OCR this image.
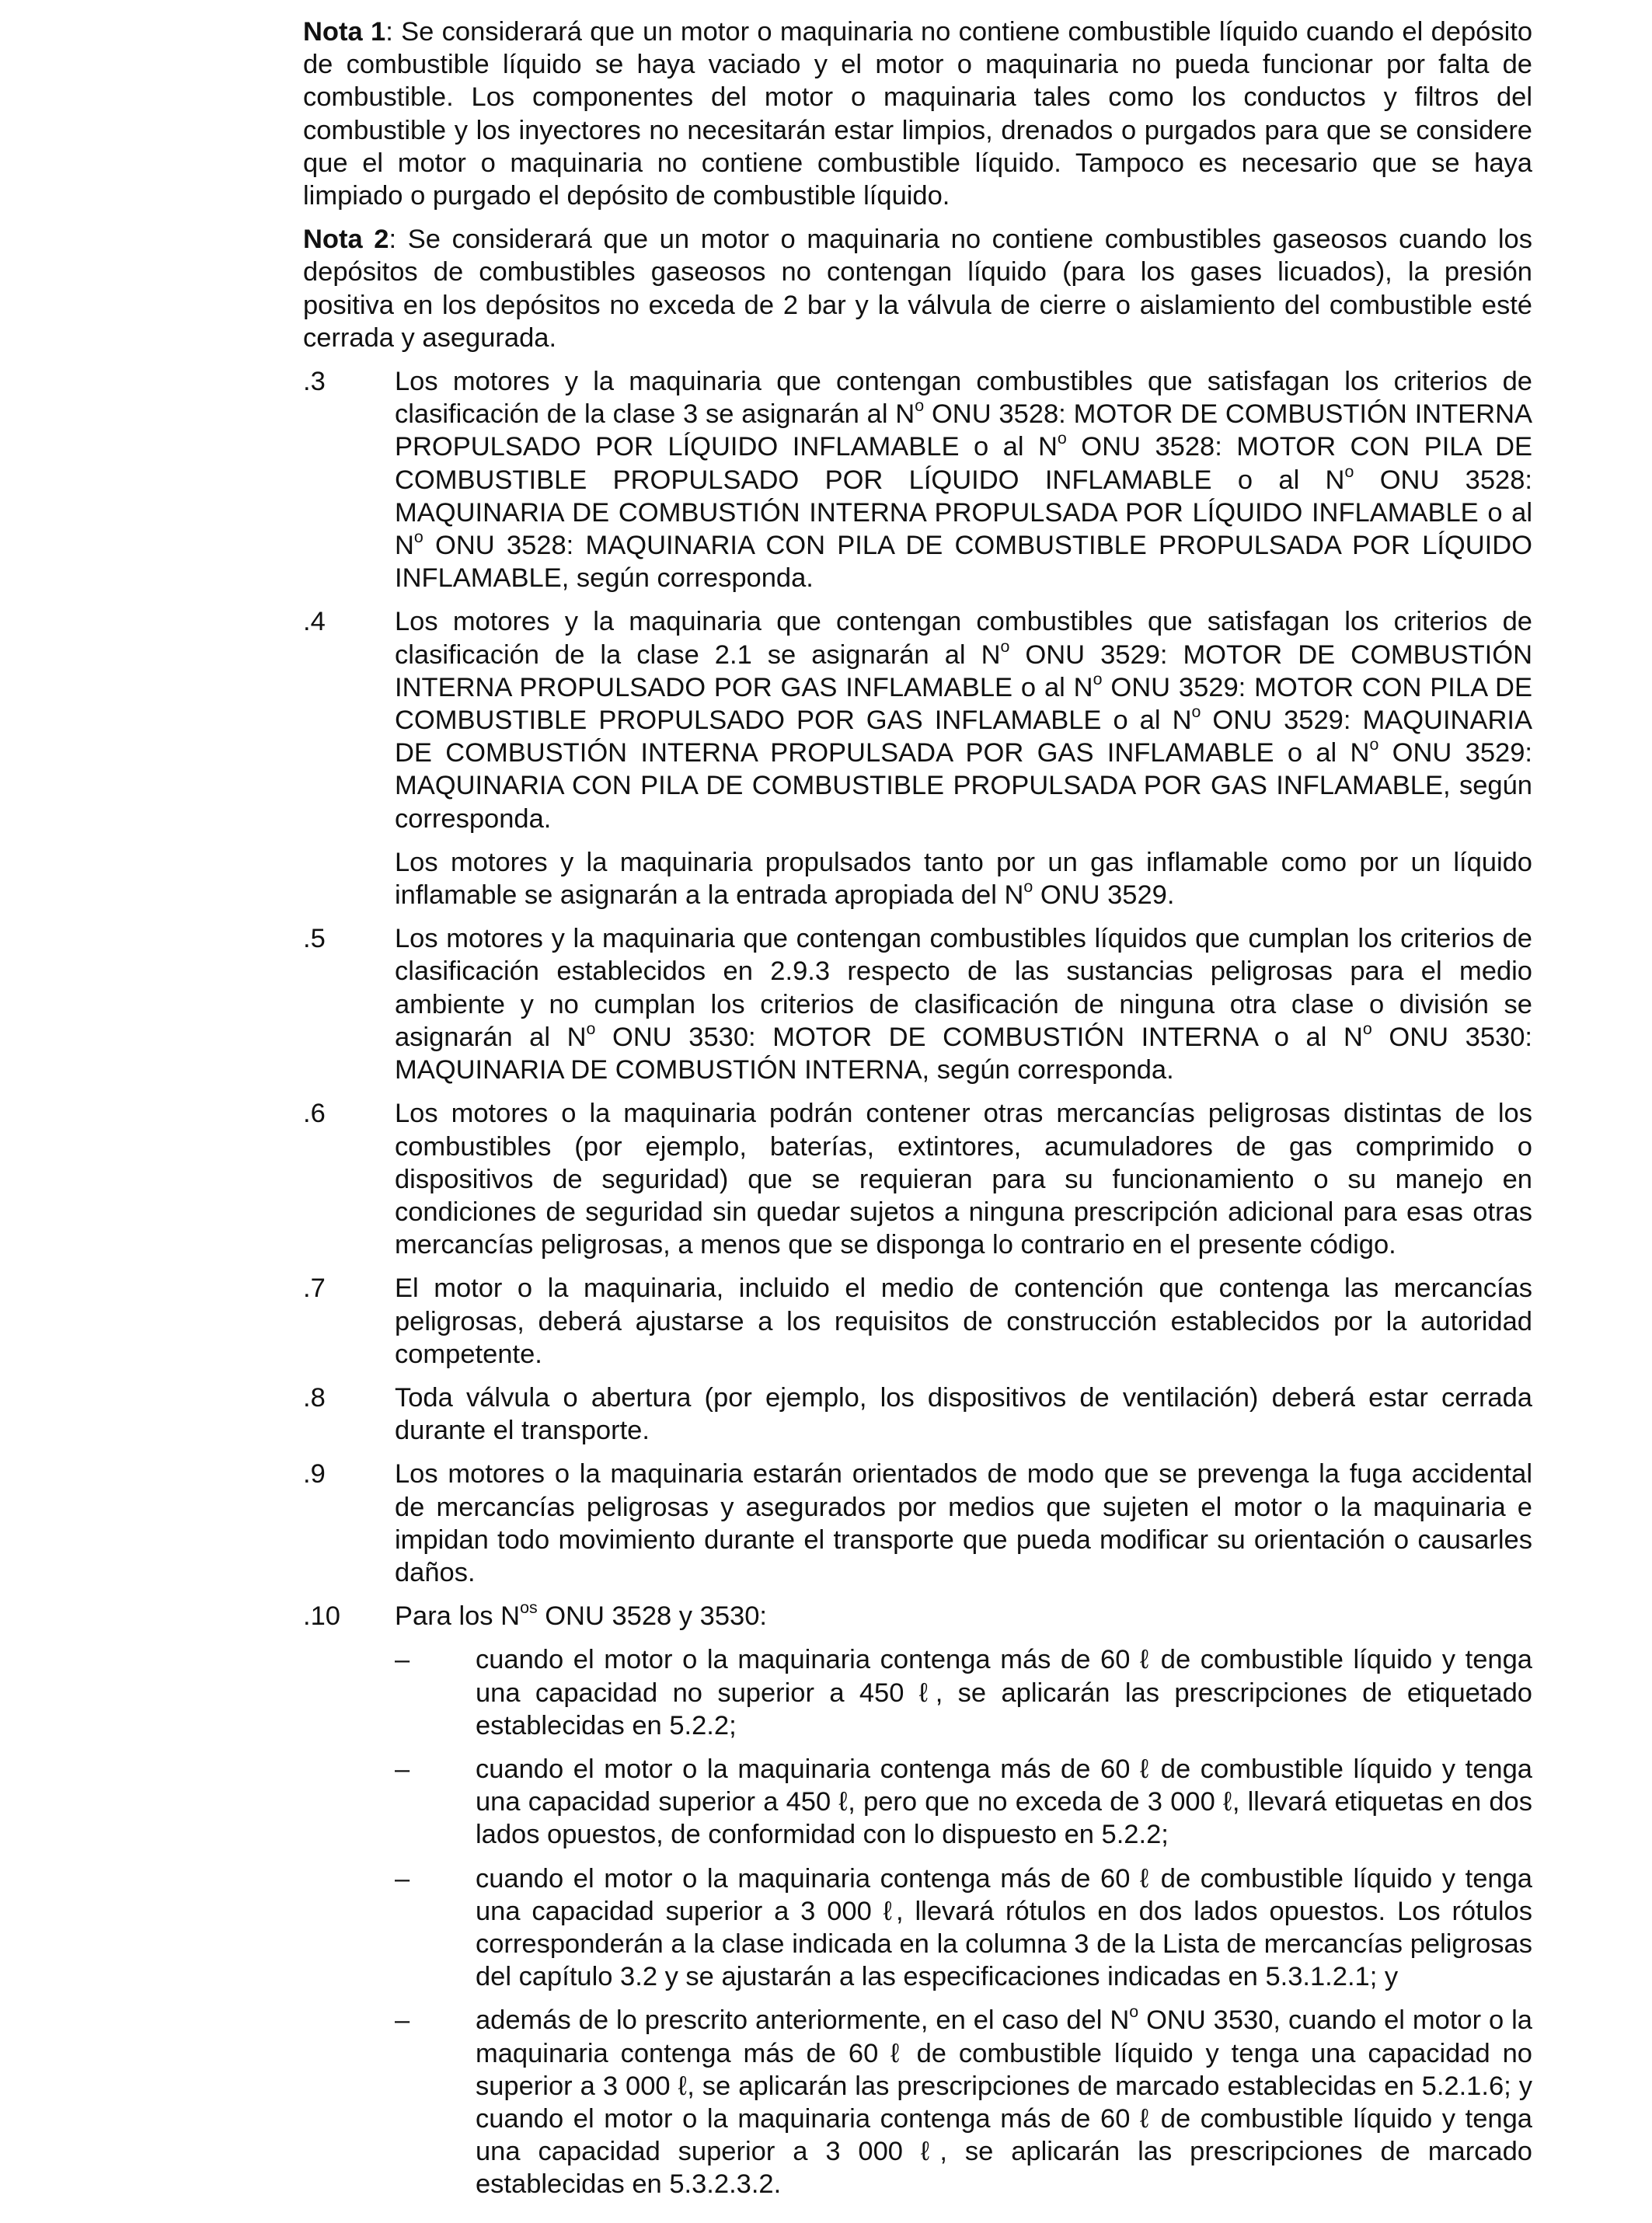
Nota 1: Se considerará que un motor o maquinaria no contiene combustible líquido cuando el depósito de combustible líquido se haya vaciado y el motor o maquinaria no pueda funcionar por falta de combustible. Los componentes del motor o maquinaria tales como los conductos y filtros del combustible y los inyectores no necesitarán estar limpios, drenados o purgados para que se considere que el motor o maquinaria no contiene combustible líquido. Tampoco es necesario que se haya limpiado o purgado el depósito de combustible líquido.

Nota 2: Se considerará que un motor o maquinaria no contiene combustibles gaseosos cuando los depósitos de combustibles gaseosos no contengan líquido (para los gases licuados), la presión positiva en los depósitos no exceda de 2 bar y la válvula de cierre o aislamiento del combustible esté cerrada y asegurada.

.3	Los motores y la maquinaria que contengan combustibles que satisfagan los criterios de clasificación de la clase 3 se asignarán al $N^o$ ONU 3528: MOTOR DE COMBUSTIÓN INTERNA PROPULSADO POR LÍQUIDO INFLAMABLE o al $N^o$ ONU 3528: MOTOR CON PILA DE COMBUSTIBLE PROPULSADO POR LÍQUIDO INFLAMABLE o al $N^o$ ONU 3528: MAQUINARIA DE COMBUSTIÓN INTERNA PROPULSADA POR LÍQUIDO INFLAMABLE o al $N^o$ ONU 3528: MAQUINARIA CON PILA DE COMBUSTIBLE PROPULSADA POR LÍQUIDO INFLAMABLE, según corresponda.

.4	Los motores y la maquinaria que contengan combustibles que satisfagan los criterios de clasificación de la clase 2.1 se asignarán al $N^o$ ONU 3529: MOTOR DE COMBUSTIÓN INTERNA PROPULSADO POR GAS INFLAMABLE o al $N^o$ ONU 3529: MOTOR CON PILA DE COMBUSTIBLE PROPULSADO POR GAS INFLAMABLE o al $N^o$ ONU 3529: MAQUINARIA DE COMBUSTIÓN INTERNA PROPULSADA POR GAS INFLAMABLE o al $N^o$ ONU 3529: MAQUINARIA CON PILA DE COMBUSTIBLE PROPULSADA POR GAS INFLAMABLE, según corresponda.

Los motores y la maquinaria propulsados tanto por un gas inflamable como por un líquido inflamable se asignarán a la entrada apropiada del $N^o$ ONU 3529.

.5	Los motores y la maquinaria que contengan combustibles líquidos que cumplan los criterios de clasificación establecidos en 2.9.3 respecto de las sustancias peligrosas para el medio ambiente y no cumplan los criterios de clasificación de ninguna otra clase o división se asignarán al $N^o$ ONU 3530: MOTOR DE COMBUSTIÓN INTERNA o al $N^o$ ONU 3530: MAQUINARIA DE COMBUSTIÓN INTERNA, según corresponda.

.6	Los motores o la maquinaria podrán contener otras mercancías peligrosas distintas de los combustibles (por ejemplo, baterías, extintores, acumuladores de gas comprimido o dispositivos de seguridad) que se requieran para su funcionamiento o su manejo en condiciones de seguridad sin quedar sujetos a ninguna prescripción adicional para esas otras mercancías peligrosas, a menos que se disponga lo contrario en el presente código.

.7	El motor o la maquinaria, incluido el medio de contención que contenga las mercancías peligrosas, deberá ajustarse a los requisitos de construcción establecidos por la autoridad competente.

.8	Toda válvula o abertura (por ejemplo, los dispositivos de ventilación) deberá estar cerrada durante el transporte.

.9	Los motores o la maquinaria estarán orientados de modo que se prevenga la fuga accidental de mercancías peligrosas y asegurados por medios que sujeten el motor o la maquinaria e impidan todo movimiento durante el transporte que pueda modificar su orientación o causarles daños.

.10	Para los $N^{os}$ ONU 3528 y 3530:

–	cuando el motor o la maquinaria contenga más de 60 ℓ de combustible líquido y tenga una capacidad no superior a 450 ℓ, se aplicarán las prescripciones de etiquetado establecidas en 5.2.2;
–	cuando el motor o la maquinaria contenga más de 60 ℓ de combustible líquido y tenga una capacidad superior a 450 ℓ, pero que no exceda de 3 000 ℓ, llevará etiquetas en dos lados opuestos, de conformidad con lo dispuesto en 5.2.2;
–	cuando el motor o la maquinaria contenga más de 60 ℓ de combustible líquido y tenga una capacidad superior a 3 000 ℓ, llevará rótulos en dos lados opuestos. Los rótulos corresponderán a la clase indicada en la columna 3 de la Lista de mercancías peligrosas del capítulo 3.2 y se ajustarán a las especificaciones indicadas en 5.3.1.2.1; y
–	además de lo prescrito anteriormente, en el caso del $N^o$ ONU 3530, cuando el motor o la maquinaria contenga más de 60 ℓ de combustible líquido y tenga una capacidad no superior a 3 000 ℓ, se aplicarán las prescripciones de marcado establecidas en 5.2.1.6; y cuando el motor o la maquinaria contenga más de 60 ℓ de combustible líquido y tenga una capacidad superior a 3 000 ℓ, se aplicarán las prescripciones de marcado establecidas en 5.3.2.3.2.
